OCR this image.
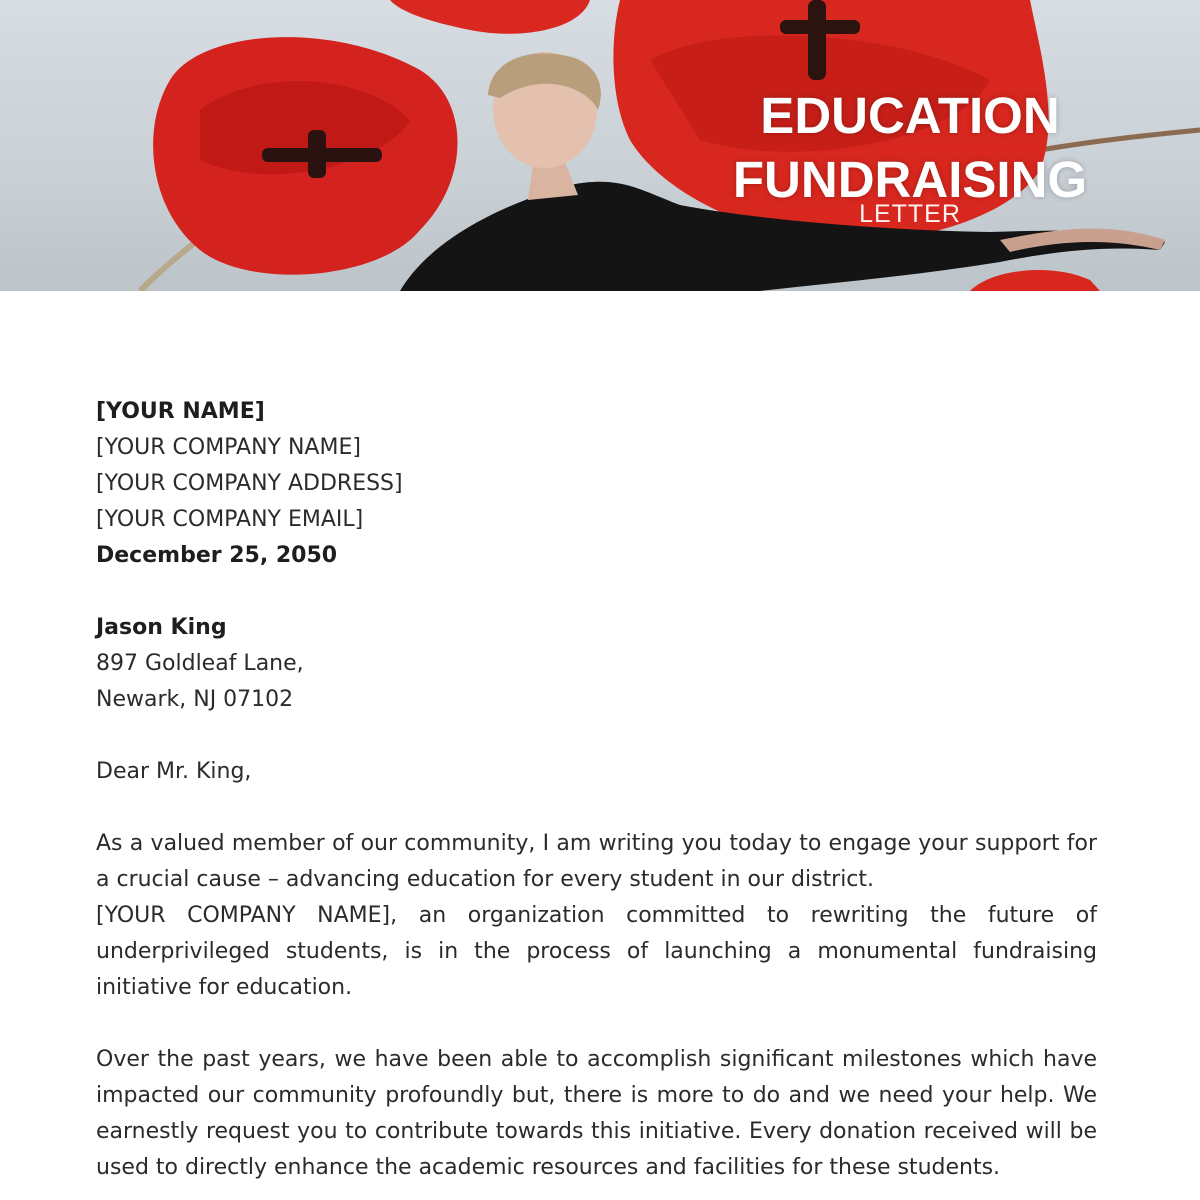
EDUCATION
FUNDRAISING
LETTER
[YOUR NAME]
[YOUR COMPANY NAME]
[YOUR COMPANY ADDRESS]
[YOUR COMPANY EMAIL]
December 25, 2050
Jason King
897 Goldleaf Lane,
Newark, NJ 07102
Dear Mr. King,
As a valued member of our community, I am writing you today to engage your support for a crucial cause – advancing education for every student in our district.
[YOUR COMPANY NAME], an organization committed to rewriting the future of underprivileged students, is in the process of launching a monumental fundraising initiative for education.
Over the past years, we have been able to accomplish significant milestones which have impacted our community profoundly but, there is more to do and we need your help. We earnestly request you to contribute towards this initiative. Every donation received will be used to directly enhance the academic resources and facilities for these students.
